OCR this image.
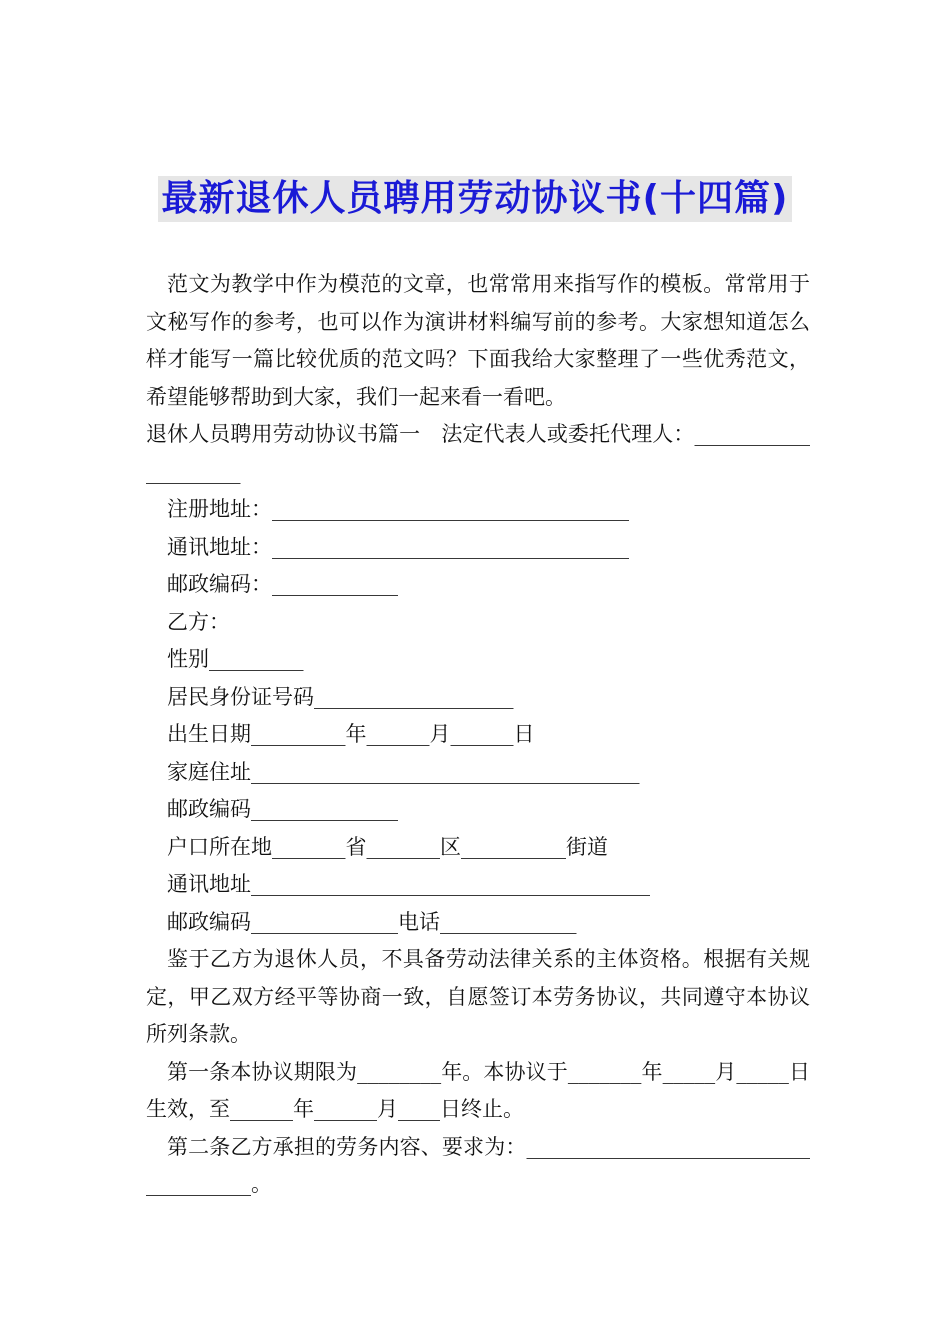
最新退休人员聘用劳动协议书(十四篇)

范文为教学中作为模范的文章，也常常用来指写作的模板。常常用于文秘写作的参考，也可以作为演讲材料编写前的参考。大家想知道怎么样才能写一篇比较优质的范文吗？下面我给大家整理了一些优秀范文，希望能够帮助到大家，我们一起来看一看吧。

退休人员聘用劳动协议书篇一　法定代表人或委托代理人：____________________

注册地址：__________________________________

通讯地址：__________________________________

邮政编码：____________

乙方：

性别_________

居民身份证号码___________________

出生日期_________年______月______日

家庭住址_____________________________________

邮政编码______________

户口所在地_______省_______区__________街道

通讯地址______________________________________

邮政编码______________电话_____________

鉴于乙方为退休人员，不具备劳动法律关系的主体资格。根据有关规定，甲乙双方经平等协商一致，自愿签订本劳务协议，共同遵守本协议所列条款。

第一条本协议期限为________年。本协议于_______年_____月_____日生效，至______年______月____日终止。

第二条乙方承担的劳务内容、要求为：_____________________________________。
